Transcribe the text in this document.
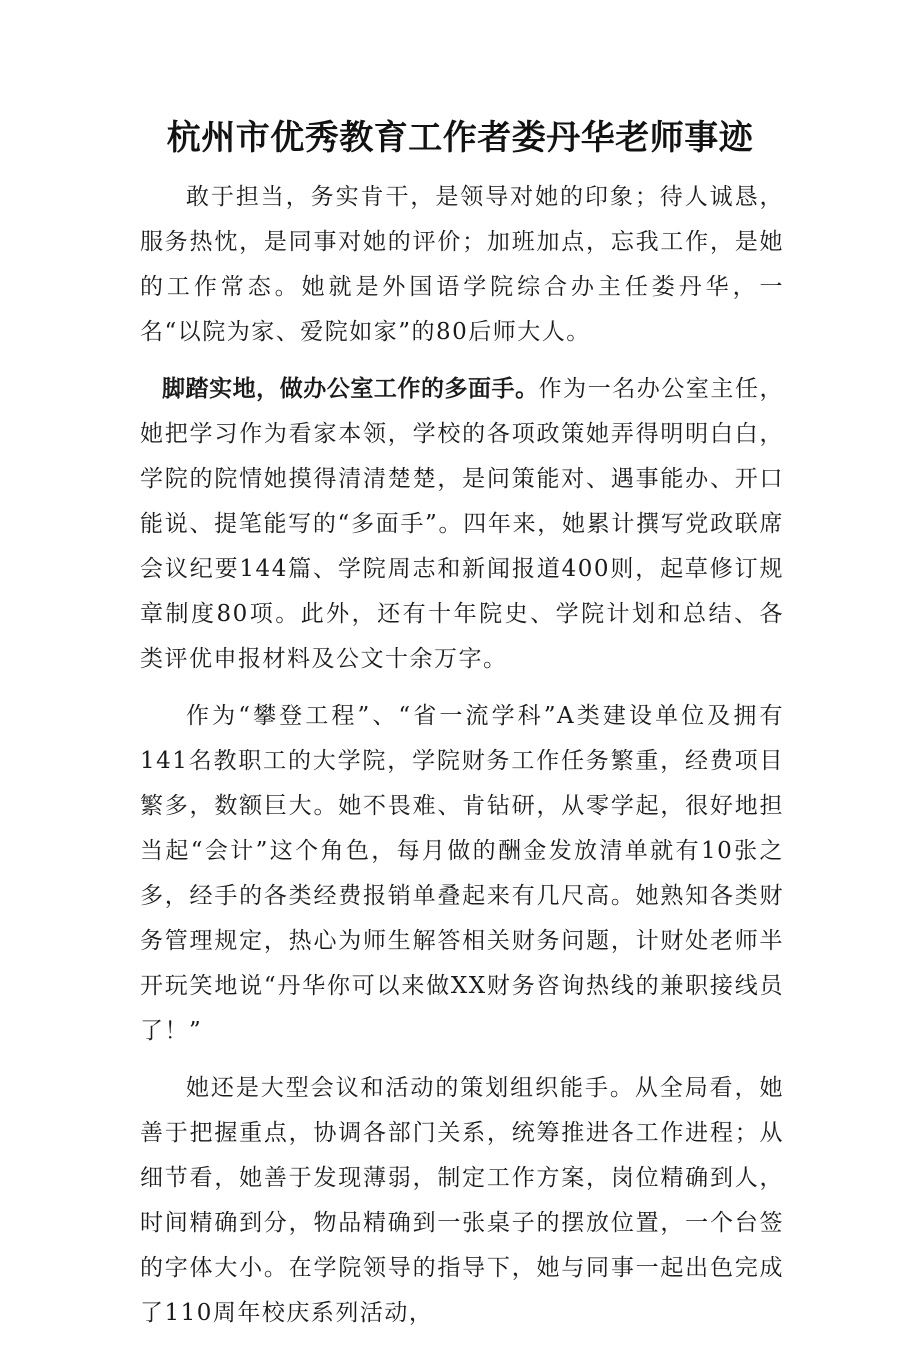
杭州市优秀教育工作者娄丹华老师事迹

敢于担当，务实肯干，是领导对她的印象；待人诚恳，服务热忱，是同事对她的评价；加班加点，忘我工作，是她的工作常态。她就是外国语学院综合办主任娄丹华，一名“以院为家、爱院如家”的80后师大人。

脚踏实地，做办公室工作的多面手。作为一名办公室主任，她把学习作为看家本领，学校的各项政策她弄得明明白白，学院的院情她摸得清清楚楚，是问策能对、遇事能办、开口能说、提笔能写的“多面手”。四年来，她累计撰写党政联席会议纪要144篇、学院周志和新闻报道400则，起草修订规章制度80项。此外，还有十年院史、学院计划和总结、各类评优申报材料及公文十余万字。

作为“攀登工程”、“省一流学科”A类建设单位及拥有141名教职工的大学院，学院财务工作任务繁重，经费项目繁多，数额巨大。她不畏难、肯钻研，从零学起，很好地担当起“会计”这个角色，每月做的酬金发放清单就有10张之多，经手的各类经费报销单叠起来有几尺高。她熟知各类财务管理规定，热心为师生解答相关财务问题，计财处老师半开玩笑地说“丹华你可以来做XX财务咨询热线的兼职接线员了！”

她还是大型会议和活动的策划组织能手。从全局看，她善于把握重点，协调各部门关系，统筹推进各工作进程；从细节看，她善于发现薄弱，制定工作方案，岗位精确到人，时间精确到分，物品精确到一张桌子的摆放位置，一个台签的字体大小。在学院领导的指导下，她与同事一起出色完成了110周年校庆系列活动，
